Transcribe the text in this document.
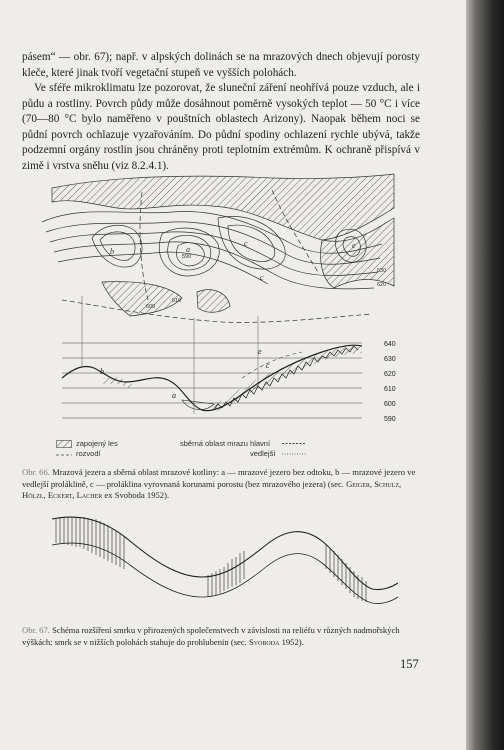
pásem“ — obr. 67); např. v alpských dolinách se na mrazových dnech objevují porosty kleče, které jinak tvoří vegetační stupeň ve vyšších polohách.

Ve sféře mikroklimatu lze pozorovat, že sluneční záření neohřívá pouze vzduch, ale i půdu a rostliny. Povrch půdy může dosáhnout poměrně vysokých teplot — 50 °C i více (70—80 °C bylo naměřeno v pouštních oblastech Arizony). Naopak během noci se půdní povrch ochlazuje vyzařováním. Do půdní spodiny ochlazení rychle ubývá, takže podzemní orgány rostlin jsou chráněny proti teplotním extrémům. K ochraně přispívá v zimě i vrstva sněhu (viz 8.2.4.1).

630
620
610
600
590
b
c
a	e
c
b
a
c
e
640
630
620
610
600
590
zapojený les
rozvodí
sběrná oblast mrazu hlavní
vedlejší
Obr. 66. Mrazová jezera a sběrná oblast mrazové kotliny: a — mrazové jezero bez odtoku, b — mrazové jezero ve vedlejší proláklině, c — proláklina vyrovnaná korunami porostu (bez mrazového jezera) (sec. Geiger, Schulz, Hölzl, Eckert, Lacher ex Svoboda 1952).
Obr. 67. Schéma rozšíření smrku v přirozených společenstvech v závislosti na reliéfu v různých nadmořských výškách: smrk se v nižších polohách stahuje do prohlubenin (sec. Svoboda 1952).
157
